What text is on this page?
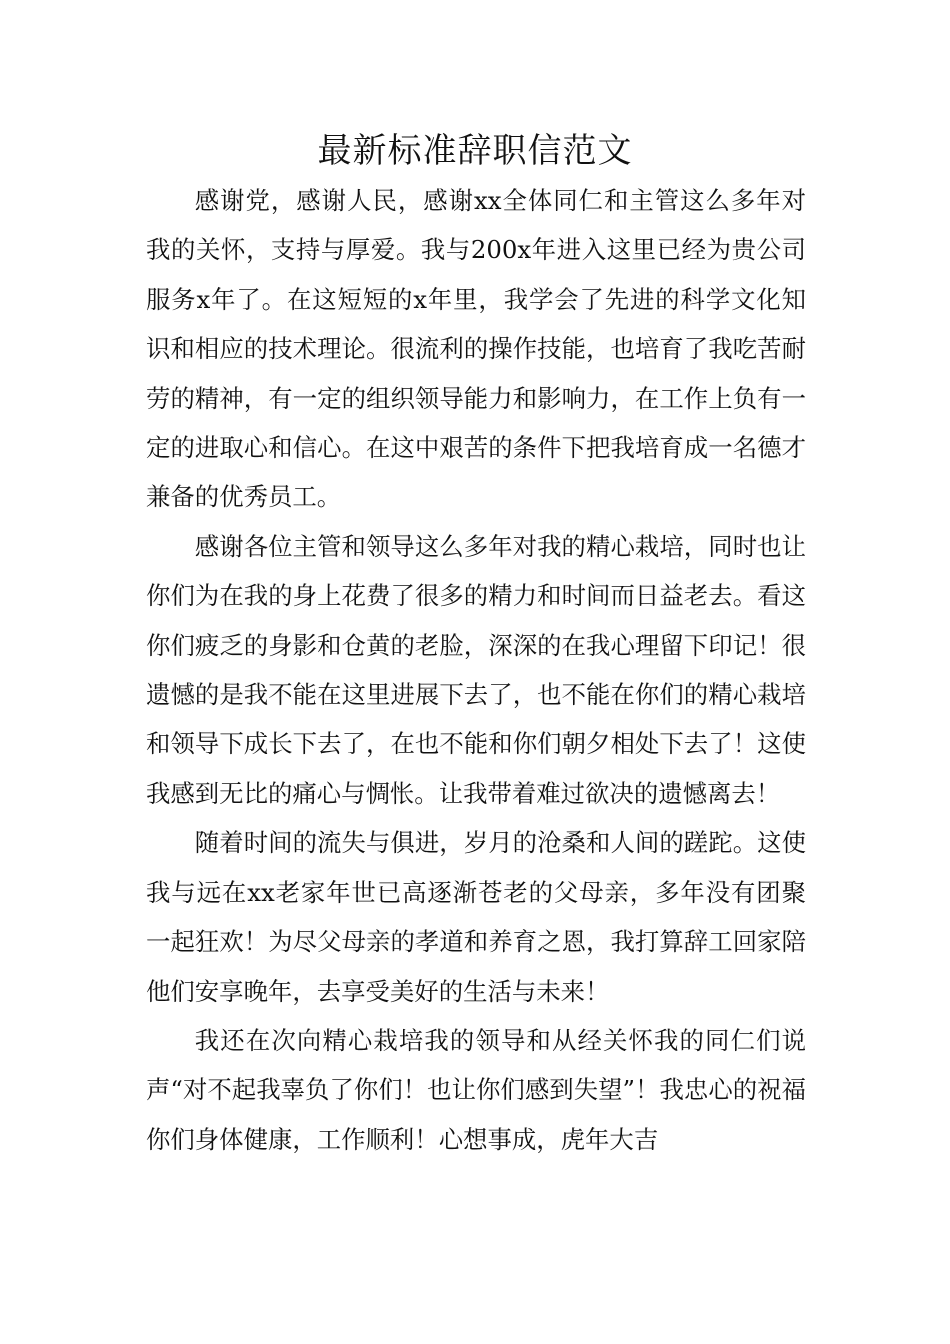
最新标准辞职信范文

感谢党，感谢人民，感谢xx全体同仁和主管这么多年对我的关怀，支持与厚爱。我与200x年进入这里已经为贵公司服务x年了。在这短短的x年里，我学会了先进的科学文化知识和相应的技术理论。很流利的操作技能，也培育了我吃苦耐劳的精神，有一定的组织领导能力和影响力，在工作上负有一定的进取心和信心。在这中艰苦的条件下把我培育成一名德才兼备的优秀员工。

感谢各位主管和领导这么多年对我的精心栽培，同时也让你们为在我的身上花费了很多的精力和时间而日益老去。看这你们疲乏的身影和仓黄的老脸，深深的在我心理留下印记！很遗憾的是我不能在这里进展下去了，也不能在你们的精心栽培和领导下成长下去了，在也不能和你们朝夕相处下去了！这使我感到无比的痛心与惆怅。让我带着难过欲决的遗憾离去！

随着时间的流失与俱进，岁月的沧桑和人间的蹉跎。这使我与远在xx老家年世已高逐渐苍老的父母亲，多年没有团聚一起狂欢！为尽父母亲的孝道和养育之恩，我打算辞工回家陪他们安享晚年，去享受美好的生活与未来！

我还在次向精心栽培我的领导和从经关怀我的同仁们说声“对不起我辜负了你们！也让你们感到失望”！我忠心的祝福你们身体健康，工作顺利！心想事成，虎年大吉
